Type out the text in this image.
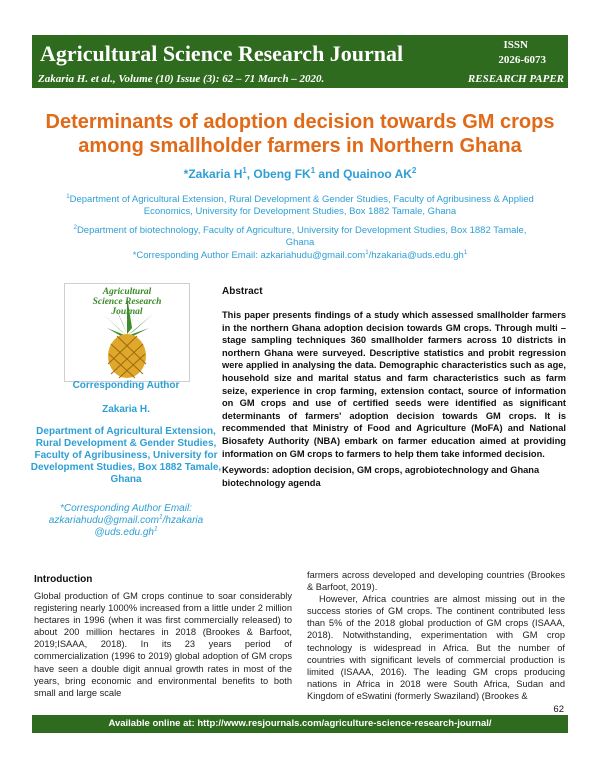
Agricultural Science Research Journal	ISSN
2026-6073
Zakaria H. et al., Volume (10) Issue (3): 62 – 71 March – 2020.	RESEARCH PAPER
Determinants of adoption decision towards GM crops among smallholder farmers in Northern Ghana
*Zakaria $H^1$, Obeng $FK^1$ and Quainoo $AK^2$
$^1$Department of Agricultural Extension, Rural Development & Gender Studies, Faculty of Agribusiness & Applied Economics, University for Development Studies, Box 1882 Tamale, Ghana
$^2$Department of biotechnology, Faculty of Agriculture, University for Development Studies, Box 1882 Tamale, Ghana
*Corresponding Author Email: $azkariahudu@gmail.com^1/hzakaria@uds.edu.gh^1$
Agricultural
Science Research
Journal
Corresponding Author
Zakaria H.
Department of Agricultural Extension, Rural Development & Gender Studies, Faculty of Agribusiness, University for Development Studies, Box 1882 Tamale, Ghana
*Corresponding Author Email: azkariahudu@gmail.com$^1$/hzakaria $@uds.edu.gh^1$
Abstract

This paper presents findings of a study which assessed smallholder farmers in the northern Ghana adoption decision towards GM crops. Through multi – stage sampling techniques 360 smallholder farmers across 10 districts in northern Ghana were surveyed. Descriptive statistics and probit regression were applied in analysing the data. Demographic characteristics such as age, household size and marital status and farm characteristics such as farm seize, experience in crop farming, extension contact, source of information on GM crops and use of certified seeds were identified as significant determinants of farmers' adoption decision towards GM crops. It is recommended that Ministry of Food and Agriculture (MoFA) and National Biosafety Authority (NBA) embark on farmer education aimed at providing information on GM crops to farmers to help them take informed decision.

Keywords: adoption decision, GM crops, agrobiotechnology and Ghana biotechnology agenda

Introduction

Global production of GM crops continue to soar considerably registering nearly 1000% increased from a little under 2 million hectares in 1996 (when it was first commercially released) to about 200 million hectares in 2018 (Brookes & Barfoot, 2019;ISAAA, 2018). In its 23 years period of commercialization (1996 to 2019) global adoption of GM crops have seen a double digit annual growth rates in most of the years, bring economic and environmental benefits to both small and large scale

farmers across developed and developing countries (Brookes & Barfoot, 2019).

However, Africa countries are almost missing out in the success stories of GM crops. The continent contributed less than 5% of the 2018 global production of GM crops (ISAAA, 2018). Notwithstanding, experimentation with GM crop technology is widespread in Africa. But the number of countries with significant levels of commercial production is limited (ISAAA, 2016). The leading GM crops producing nations in Africa in 2018 were South Africa, Sudan and Kingdom of eSwatini (formerly Swaziland) (Brookes &

62
Available online at: http://www.resjournals.com/agriculture-science-research-journal/
